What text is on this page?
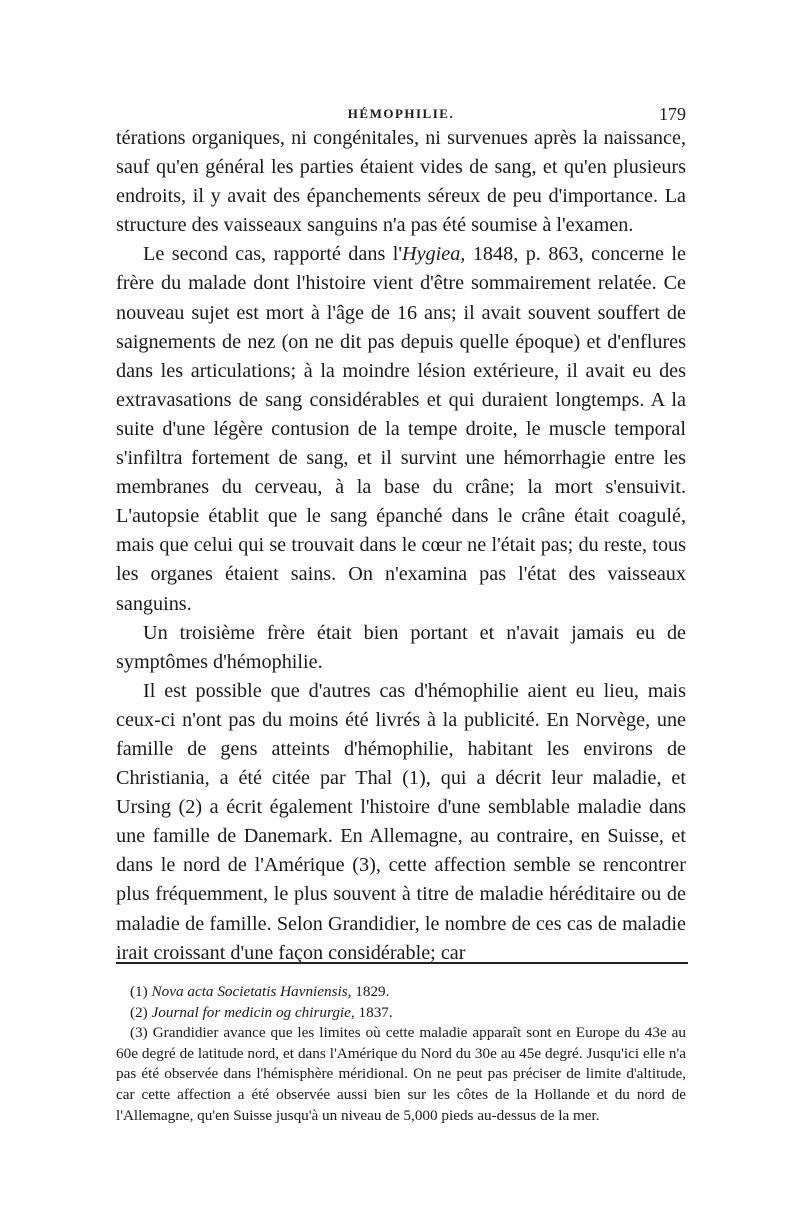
HÉMOPHILIE.	179

térations organiques, ni congénitales, ni survenues après la naissance, sauf qu'en général les parties étaient vides de sang, et qu'en plusieurs endroits, il y avait des épanchements séreux de peu d'importance. La structure des vaisseaux sanguins n'a pas été soumise à l'examen.

Le second cas, rapporté dans l'Hygiea, 1848, p. 863, concerne le frère du malade dont l'histoire vient d'être sommairement relatée. Ce nouveau sujet est mort à l'âge de 16 ans; il avait souvent souffert de saignements de nez (on ne dit pas depuis quelle époque) et d'enflures dans les articulations; à la moindre lésion extérieure, il avait eu des extravasations de sang considérables et qui duraient longtemps. A la suite d'une légère contusion de la tempe droite, le muscle temporal s'infiltra fortement de sang, et il survint une hémorrhagie entre les membranes du cerveau, à la base du crâne; la mort s'ensuivit. L'autopsie établit que le sang épanché dans le crâne était coagulé, mais que celui qui se trouvait dans le cœur ne l'était pas; du reste, tous les organes étaient sains. On n'examina pas l'état des vaisseaux sanguins.

Un troisième frère était bien portant et n'avait jamais eu de symptômes d'hémophilie.

Il est possible que d'autres cas d'hémophilie aient eu lieu, mais ceux-ci n'ont pas du moins été livrés à la publicité. En Norvège, une famille de gens atteints d'hémophilie, habitant les environs de Christiania, a été citée par Thal (1), qui a décrit leur maladie, et Ursing (2) a écrit également l'histoire d'une semblable maladie dans une famille de Danemark. En Allemagne, au contraire, en Suisse, et dans le nord de l'Amérique (3), cette affection semble se rencontrer plus fréquemment, le plus souvent à titre de maladie héréditaire ou de maladie de famille. Selon Grandidier, le nombre de ces cas de maladie irait croissant d'une façon considérable; car

(1) Nova acta Societatis Havniensis, 1829.

(2) Journal for medicin og chirurgie, 1837.

(3) Grandidier avance que les limites où cette maladie apparaît sont en Europe du 43e au 60e degré de latitude nord, et dans l'Amérique du Nord du 30e au 45e degré. Jusqu'ici elle n'a pas été observée dans l'hémisphère méridional. On ne peut pas préciser de limite d'altitude, car cette affection a été observée aussi bien sur les côtes de la Hollande et du nord de l'Allemagne, qu'en Suisse jusqu'à un niveau de 5,000 pieds au-dessus de la mer.
